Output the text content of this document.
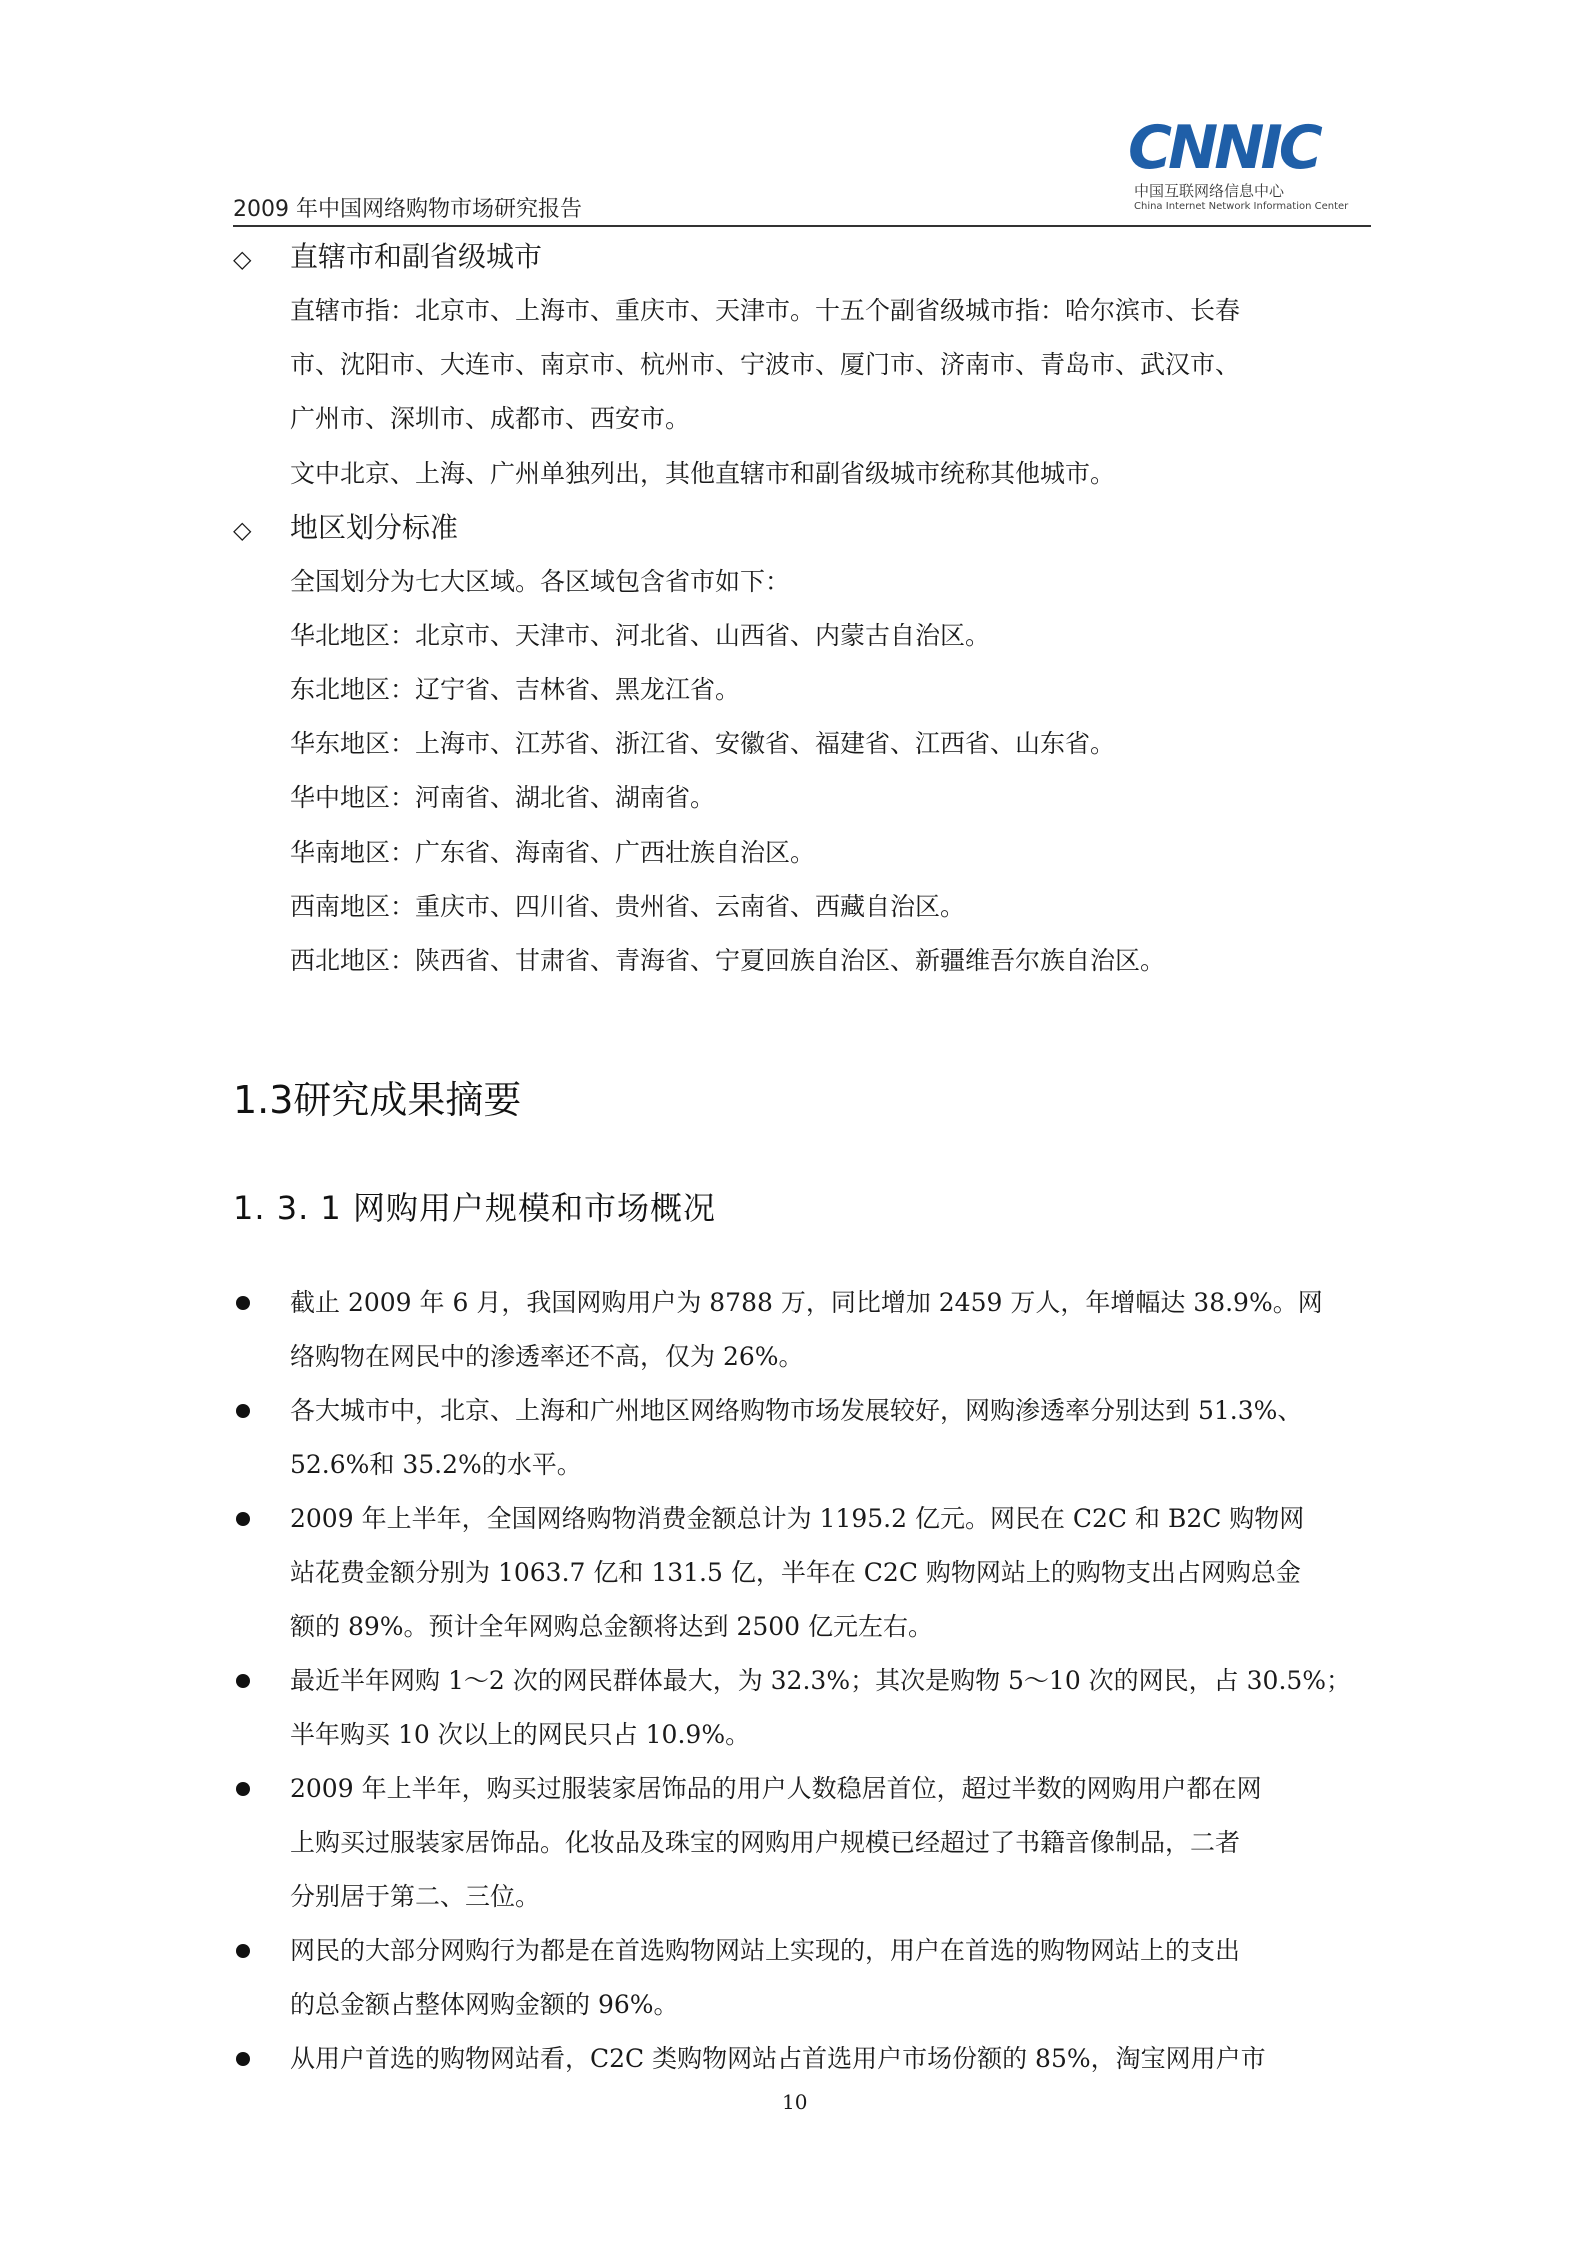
2009 年中国网络购物市场研究报告
CNNIC
中国互联网络信息中心
China Internet Network Information Center
◇ 直辖市和副省级城市
直辖市指：北京市、上海市、重庆市、天津市。十五个副省级城市指：哈尔滨市、长春
市、沈阳市、大连市、南京市、杭州市、宁波市、厦门市、济南市、青岛市、武汉市、
广州市、深圳市、成都市、西安市。
文中北京、上海、广州单独列出，其他直辖市和副省级城市统称其他城市。
◇ 地区划分标准
全国划分为七大区域。各区域包含省市如下：
华北地区：北京市、天津市、河北省、山西省、内蒙古自治区。
东北地区：辽宁省、吉林省、黑龙江省。
华东地区：上海市、江苏省、浙江省、安徽省、福建省、江西省、山东省。
华中地区：河南省、湖北省、湖南省。
华南地区：广东省、海南省、广西壮族自治区。
西南地区：重庆市、四川省、贵州省、云南省、西藏自治区。
西北地区：陕西省、甘肃省、青海省、宁夏回族自治区、新疆维吾尔族自治区。
1.3研究成果摘要
1. 3. 1 网购用户规模和市场概况
截止 2009 年 6 月，我国网购用户为 8788 万，同比增加 2459 万人，年增幅达 38.9%。网
络购物在网民中的渗透率还不高，仅为 26%。
各大城市中，北京、上海和广州地区网络购物市场发展较好，网购渗透率分别达到 51.3%、
52.6%和 35.2%的水平。
2009 年上半年，全国网络购物消费金额总计为 1195.2 亿元。网民在 C2C 和 B2C 购物网
站花费金额分别为 1063.7 亿和 131.5 亿，半年在 C2C 购物网站上的购物支出占网购总金
额的 89%。预计全年网购总金额将达到 2500 亿元左右。
最近半年网购 1～2 次的网民群体最大，为 32.3%；其次是购物 5～10 次的网民，占 30.5%；
半年购买 10 次以上的网民只占 10.9%。
2009 年上半年，购买过服装家居饰品的用户人数稳居首位，超过半数的网购用户都在网
上购买过服装家居饰品。化妆品及珠宝的网购用户规模已经超过了书籍音像制品，二者
分别居于第二、三位。
网民的大部分网购行为都是在首选购物网站上实现的，用户在首选的购物网站上的支出
的总金额占整体网购金额的 96%。
从用户首选的购物网站看，C2C 类购物网站占首选用户市场份额的 85%，淘宝网用户市
10
